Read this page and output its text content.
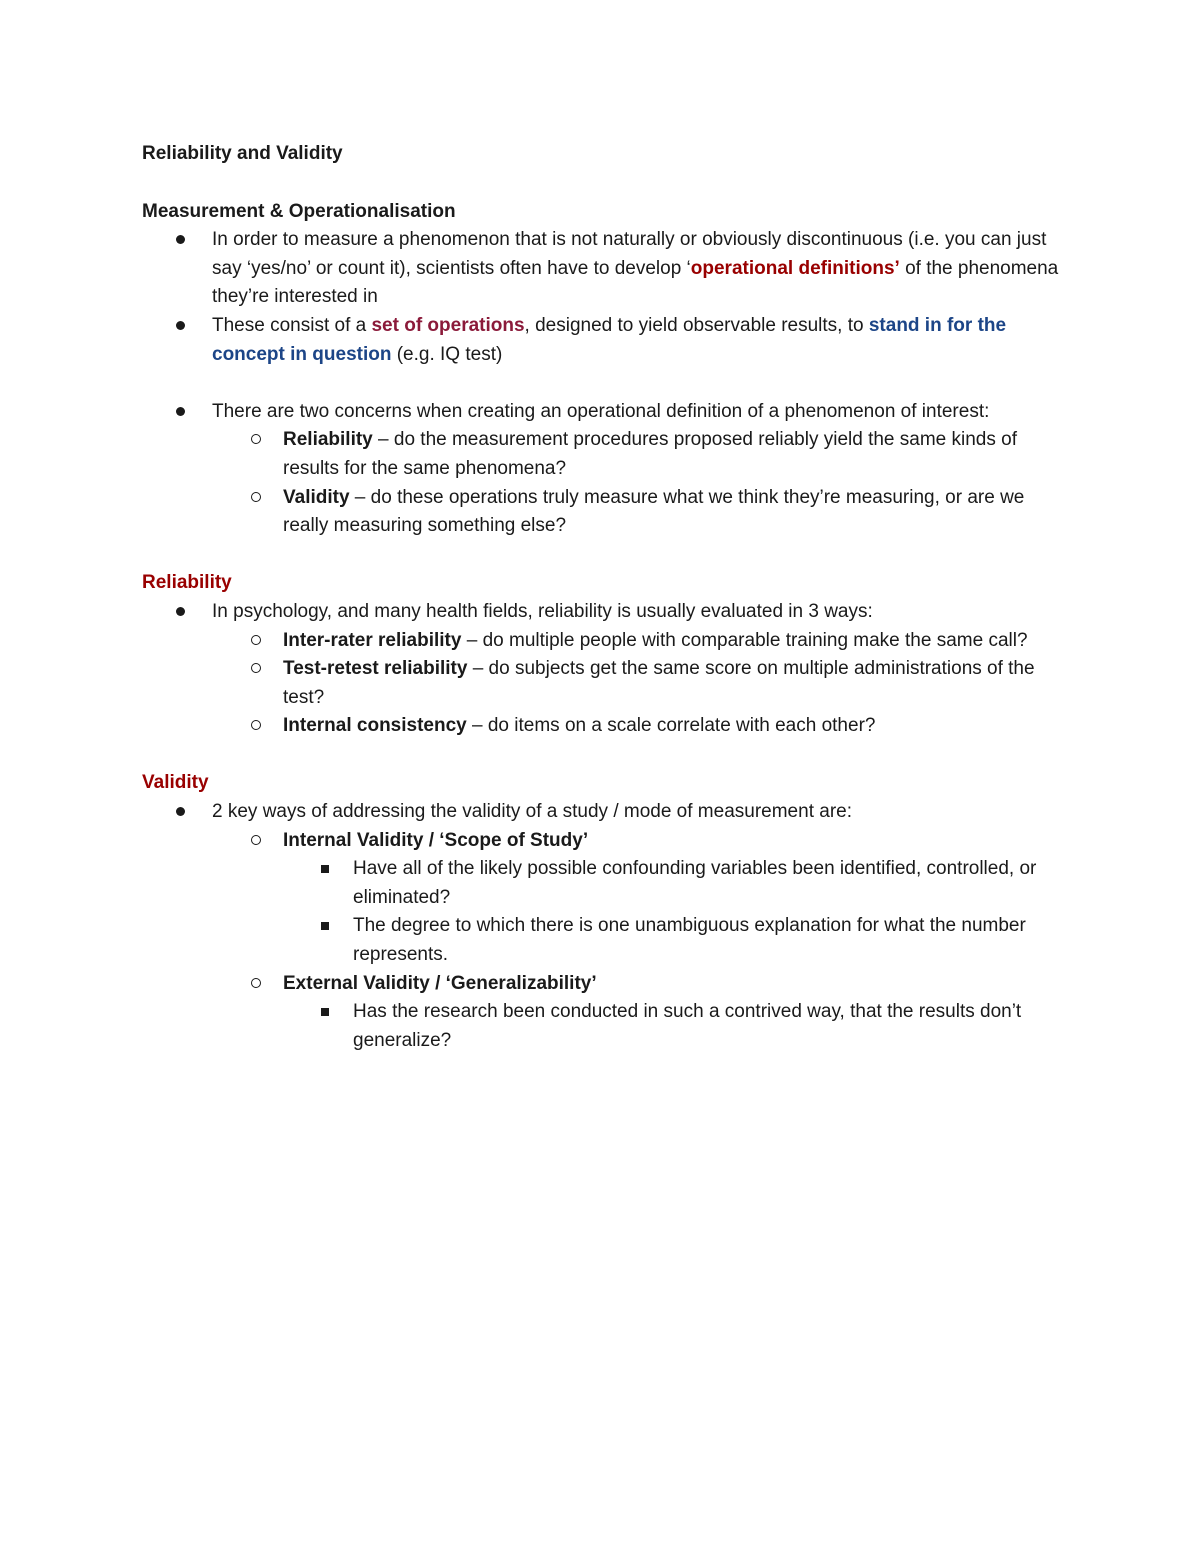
Reliability and Validity
Measurement & Operationalisation
In order to measure a phenomenon that is not naturally or obviously discontinuous (i.e. you can just say ‘yes/no’ or count it), scientists often have to develop ‘operational definitions’ of the phenomena they’re interested in
These consist of a set of operations, designed to yield observable results, to stand in for the concept in question (e.g. IQ test)
There are two concerns when creating an operational definition of a phenomenon of interest:
Reliability – do the measurement procedures proposed reliably yield the same kinds of results for the same phenomena?
Validity – do these operations truly measure what we think they’re measuring, or are we really measuring something else?
Reliability
In psychology, and many health fields, reliability is usually evaluated in 3 ways:
Inter-rater reliability – do multiple people with comparable training make the same call?
Test-retest reliability – do subjects get the same score on multiple administrations of the test?
Internal consistency – do items on a scale correlate with each other?
Validity
2 key ways of addressing the validity of a study / mode of measurement are:
Internal Validity / ‘Scope of Study’
Have all of the likely possible confounding variables been identified, controlled, or eliminated?
The degree to which there is one unambiguous explanation for what the number represents.
External Validity / ‘Generalizability’
Has the research been conducted in such a contrived way, that the results don’t generalize?
